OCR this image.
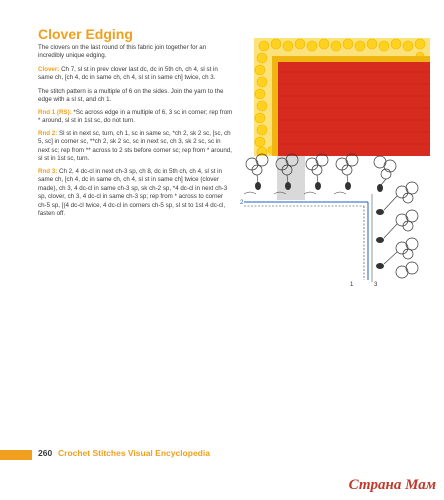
Clover Edging

The clovers on the last round of this fabric join together for an incredibly unique edging.

Clover: Ch 7, sl st in prev clover last dc, dc in 5th ch, ch 4, sl st in same ch, [ch 4, dc in same ch, ch 4, sl st in same ch] twice, ch 3.

The stitch pattern is a multiple of 6 on the sides. Join the yarn to the edge with a sl st, and ch 1.

Rnd 1 (RS): *Sc across edge in a multiple of 6, 3 sc in corner; rep from * around, sl st in 1st sc, do not turn.

Rnd 2: Sl st in next sc, turn, ch 1, sc in same sc, *ch 2, sk 2 sc, [sc, ch 5, sc] in corner sc, **ch 2, sk 2 sc, sc in next sc, ch 3, sk 2 sc, sc in next sc; rep from ** across to 2 sts before corner sc; rep from * around, sl st in 1st sc, turn.

Rnd 3: Ch 2, 4 dc-cl in next ch-3 sp, ch 8, dc in 5th ch, ch 4, sl st in same ch, [ch 4, dc in same ch, ch 4, sl st in same ch] twice (clover made), ch 3, 4 dc-cl in same ch-3 sp, sk ch-2 sp, *4 dc-cl in next ch-3 sp, clover, ch 3, 4 dc-cl in same ch-3 sp; rep from * across to corner ch-5 sp, [(4 dc-cl twice, 4 dc-cl in corners ch-5 sp, sl st to 1st 4 dc-cl, fasten off.

2
1	3
260 Crochet Stitches Visual Encyclopedia
Страна Мам
